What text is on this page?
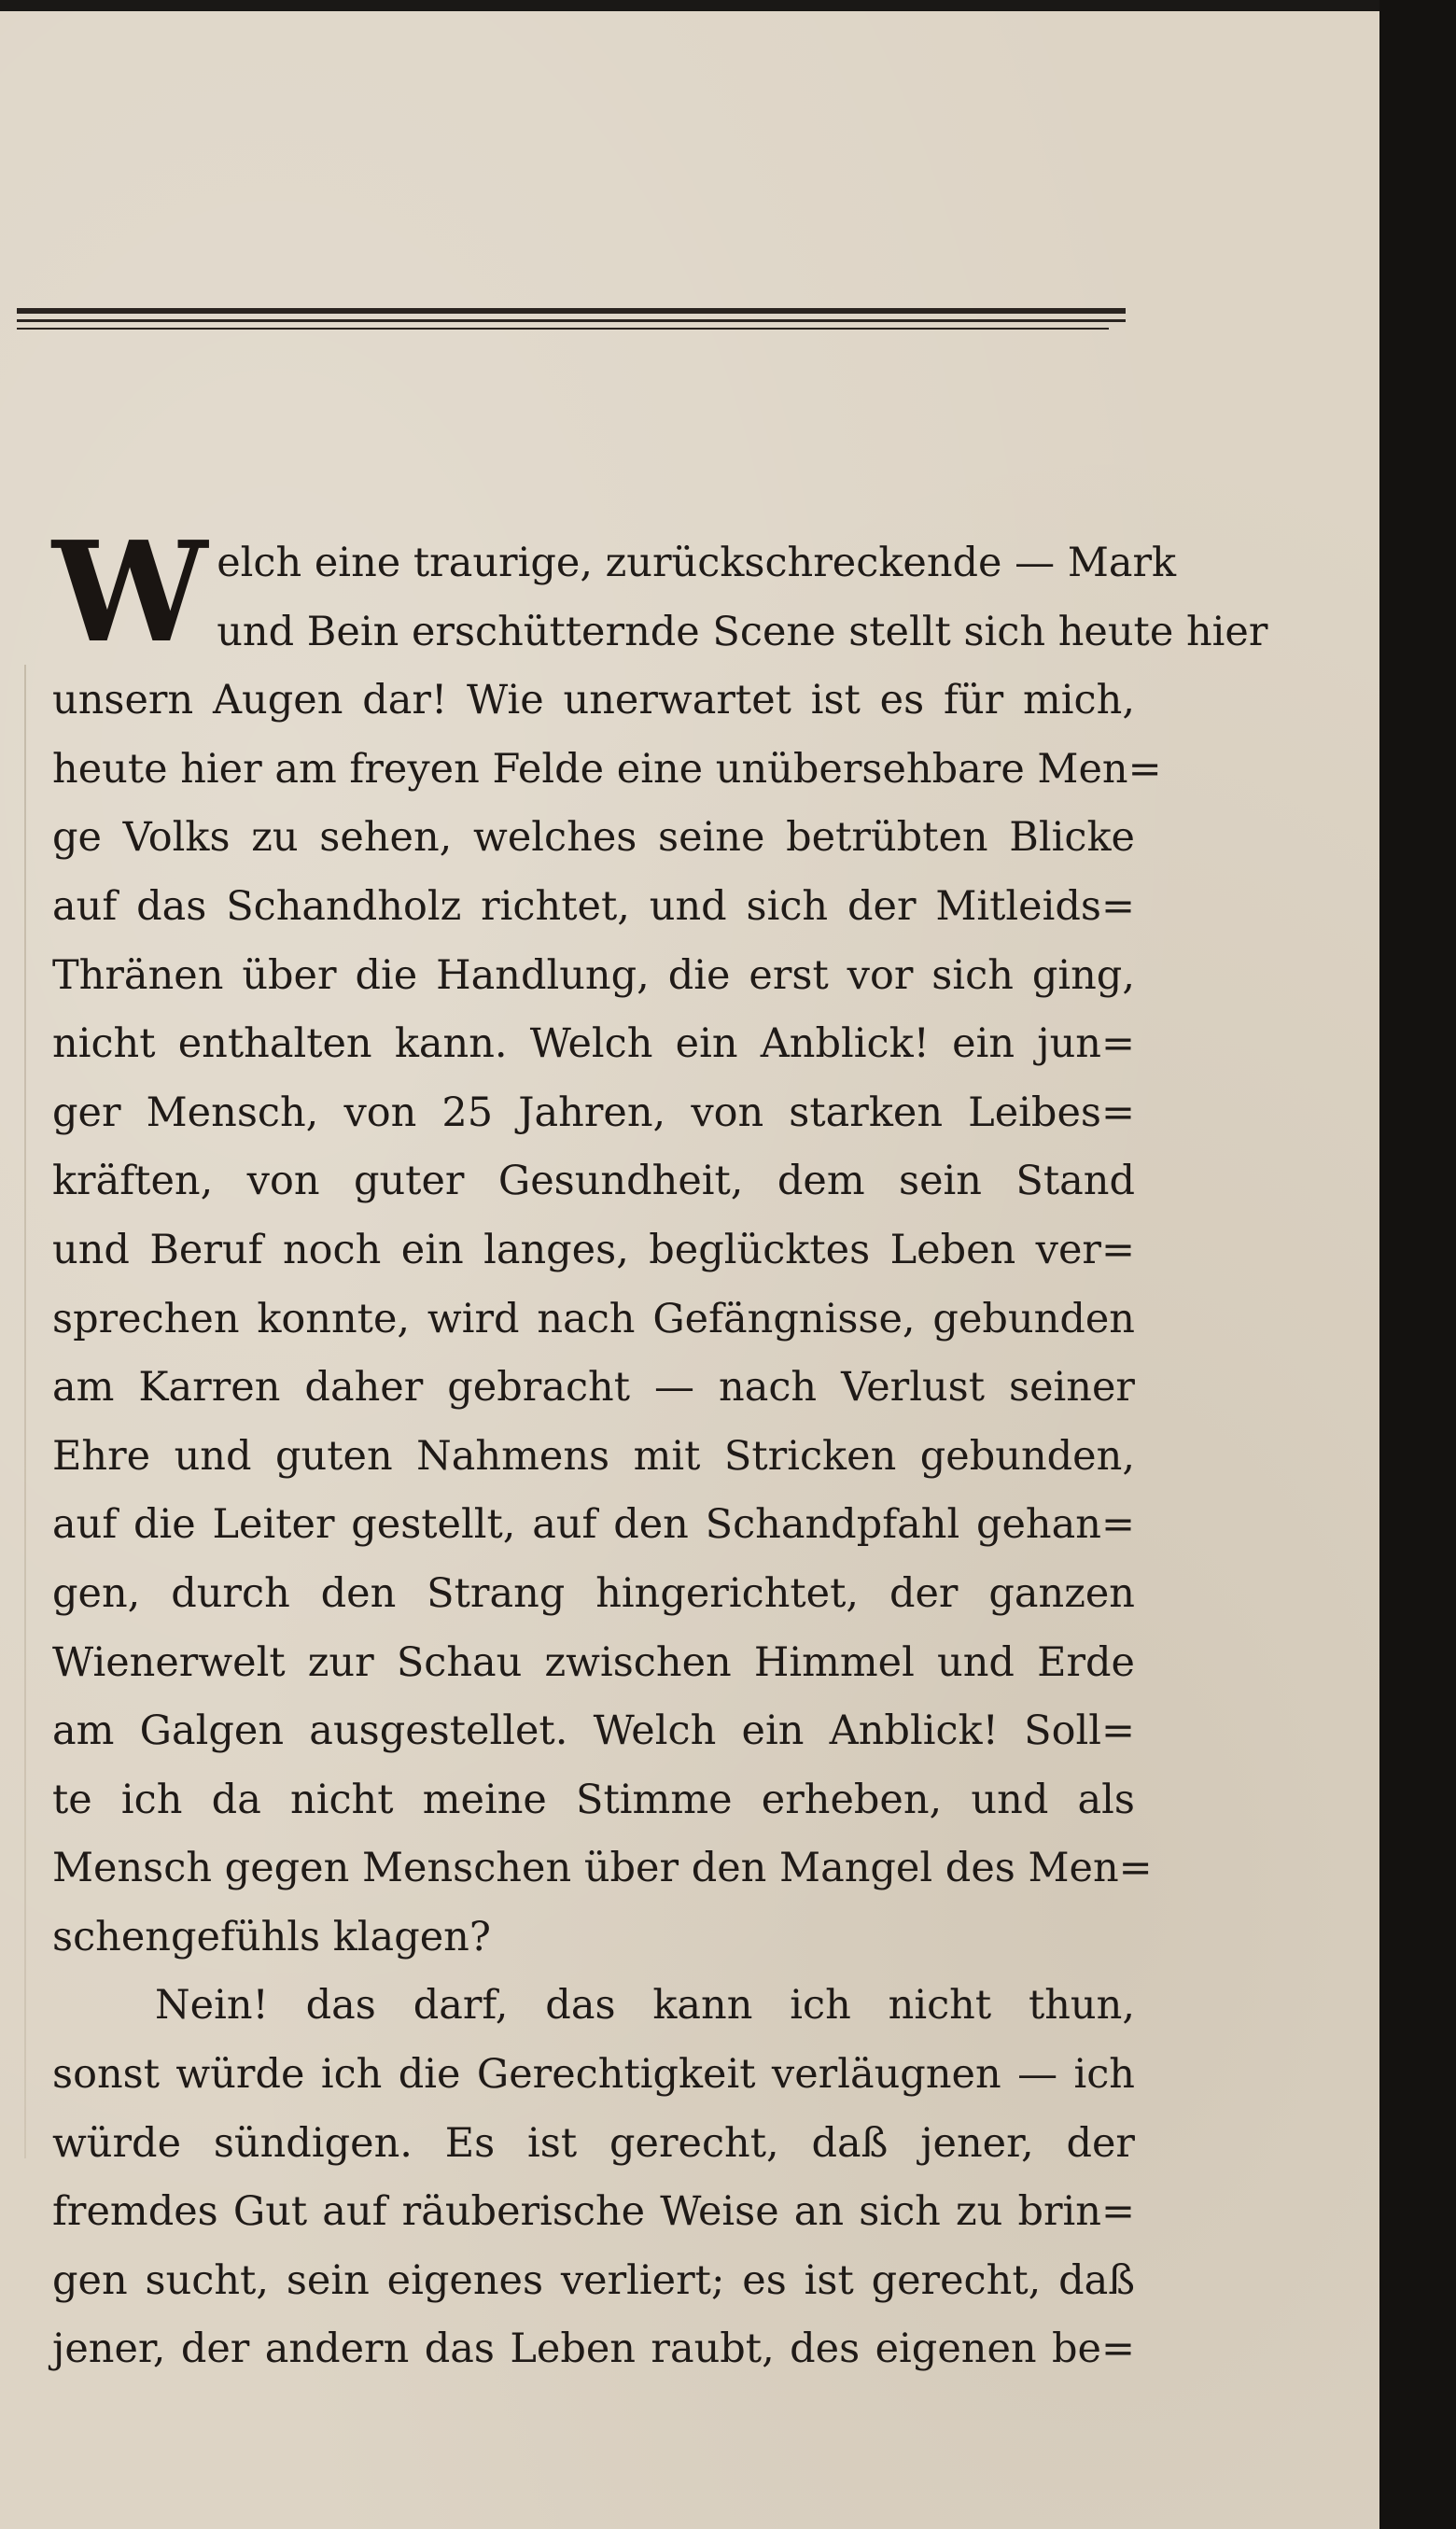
W elch eine traurige, zurückschreckende — Mark
und Bein erschütternde Scene stellt sich heute hier
unsern Augen dar! Wie unerwartet ist es für mich,
heute hier am freyen Felde eine unübersehbare Men=
ge Volks zu sehen, welches seine betrübten Blicke
auf das Schandholz richtet, und sich der Mitleids=
Thränen über die Handlung, die erst vor sich ging,
nicht enthalten kann. Welch ein Anblick! ein jun=
ger Mensch, von 25 Jahren, von starken Leibes=
kräften, von guter Gesundheit, dem sein Stand
und Beruf noch ein langes, beglücktes Leben ver=
sprechen konnte, wird nach Gefängnisse, gebunden
am Karren daher gebracht — nach Verlust seiner
Ehre und guten Nahmens mit Stricken gebunden,
auf die Leiter gestellt, auf den Schandpfahl gehan=
gen, durch den Strang hingerichtet, der ganzen
Wienerwelt zur Schau zwischen Himmel und Erde
am Galgen ausgestellet. Welch ein Anblick! Soll=
te ich da nicht meine Stimme erheben, und als
Mensch gegen Menschen über den Mangel des Men=
schengefühls klagen?
Nein! das darf, das kann ich nicht thun,
sonst würde ich die Gerechtigkeit verläugnen — ich
würde sündigen. Es ist gerecht, daß jener, der
fremdes Gut auf räuberische Weise an sich zu brin=
gen sucht, sein eigenes verliert; es ist gerecht, daß
jener, der andern das Leben raubt, des eigenen be=
